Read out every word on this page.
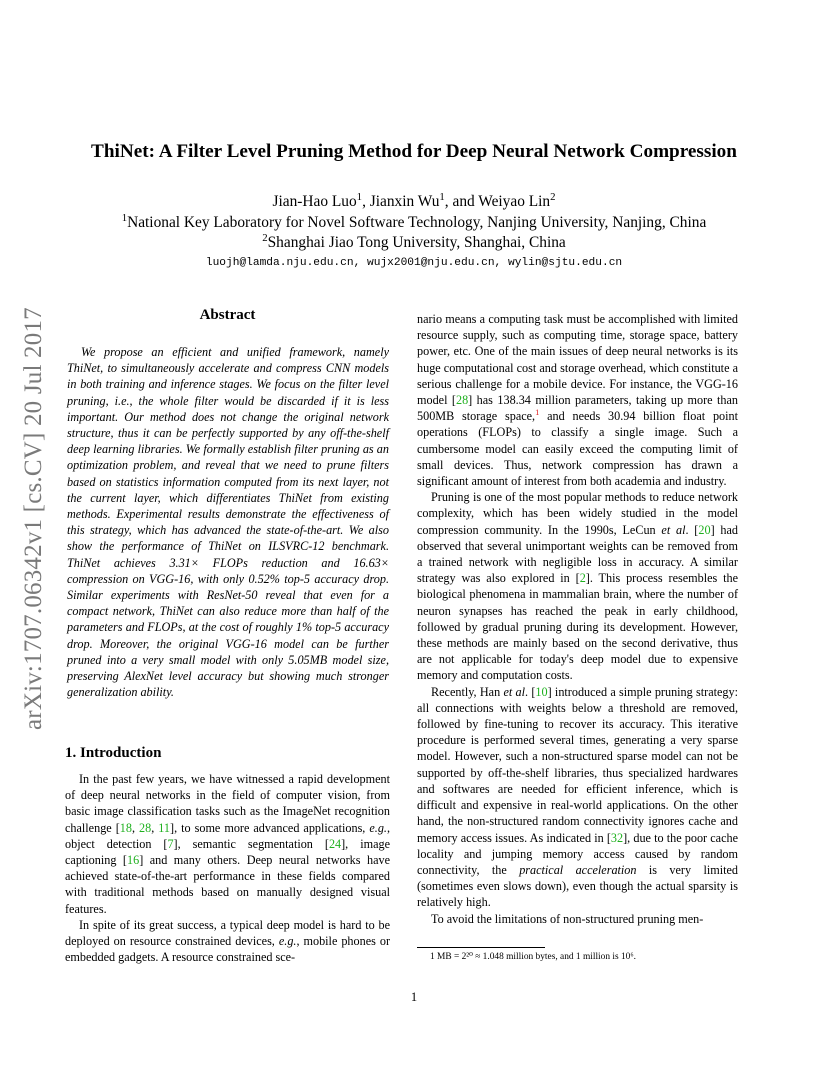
arXiv:1707.06342v1 [cs.CV] 20 Jul 2017
ThiNet: A Filter Level Pruning Method for Deep Neural Network Compression
Jian-Hao Luo$^1$, Jianxin Wu$^1$, and Weiyao Lin$^2$
$^1$National Key Laboratory for Novel Software Technology, Nanjing University, Nanjing, China
$^2$Shanghai Jiao Tong University, Shanghai, China
luojh@lamda.nju.edu.cn, wujx2001@nju.edu.cn, wylin@sjtu.edu.cn
Abstract
We propose an efficient and unified framework, namely ThiNet, to simultaneously accelerate and compress CNN models in both training and inference stages. We focus on the filter level pruning, i.e., the whole filter would be discarded if it is less important. Our method does not change the original network structure, thus it can be perfectly supported by any off-the-shelf deep learning libraries. We formally establish filter pruning as an optimization problem, and reveal that we need to prune filters based on statistics information computed from its next layer, not the current layer, which differentiates ThiNet from existing methods. Experimental results demonstrate the effectiveness of this strategy, which has advanced the state-of-the-art. We also show the performance of ThiNet on ILSVRC-12 benchmark. ThiNet achieves 3.31× FLOPs reduction and 16.63× compression on VGG-16, with only 0.52% top-5 accuracy drop. Similar experiments with ResNet-50 reveal that even for a compact network, ThiNet can also reduce more than half of the parameters and FLOPs, at the cost of roughly 1% top-5 accuracy drop. Moreover, the original VGG-16 model can be further pruned into a very small model with only 5.05MB model size, preserving AlexNet level accuracy but showing much stronger generalization ability.
1. Introduction

In the past few years, we have witnessed a rapid development of deep neural networks in the field of computer vision, from basic image classification tasks such as the ImageNet recognition challenge [18, 28, 11], to some more advanced applications, e.g., object detection [7], semantic segmentation [24], image captioning [16] and many others. Deep neural networks have achieved state-of-the-art performance in these fields compared with traditional methods based on manually designed visual features.

In spite of its great success, a typical deep model is hard to be deployed on resource constrained devices, e.g., mobile phones or embedded gadgets. A resource constrained sce-

nario means a computing task must be accomplished with limited resource supply, such as computing time, storage space, battery power, etc. One of the main issues of deep neural networks is its huge computational cost and storage overhead, which constitute a serious challenge for a mobile device. For instance, the VGG-16 model [28] has 138.34 million parameters, taking up more than 500MB storage space,$^1$ and needs 30.94 billion float point operations (FLOPs) to classify a single image. Such a cumbersome model can easily exceed the computing limit of small devices. Thus, network compression has drawn a significant amount of interest from both academia and industry.

Pruning is one of the most popular methods to reduce network complexity, which has been widely studied in the model compression community. In the 1990s, LeCun et al. [20] had observed that several unimportant weights can be removed from a trained network with negligible loss in accuracy. A similar strategy was also explored in [2]. This process resembles the biological phenomena in mammalian brain, where the number of neuron synapses has reached the peak in early childhood, followed by gradual pruning during its development. However, these methods are mainly based on the second derivative, thus are not applicable for today's deep model due to expensive memory and computation costs.

Recently, Han et al. [10] introduced a simple pruning strategy: all connections with weights below a threshold are removed, followed by fine-tuning to recover its accuracy. This iterative procedure is performed several times, generating a very sparse model. However, such a non-structured sparse model can not be supported by off-the-shelf libraries, thus specialized hardwares and softwares are needed for efficient inference, which is difficult and expensive in real-world applications. On the other hand, the non-structured random connectivity ignores cache and memory access issues. As indicated in [32], due to the poor cache locality and jumping memory access caused by random connectivity, the practical acceleration is very limited (sometimes even slows down), even though the actual sparsity is relatively high.

To avoid the limitations of non-structured pruning men-

1 MB = 2²⁰ ≈ 1.048 million bytes, and 1 million is 10⁶.
1
